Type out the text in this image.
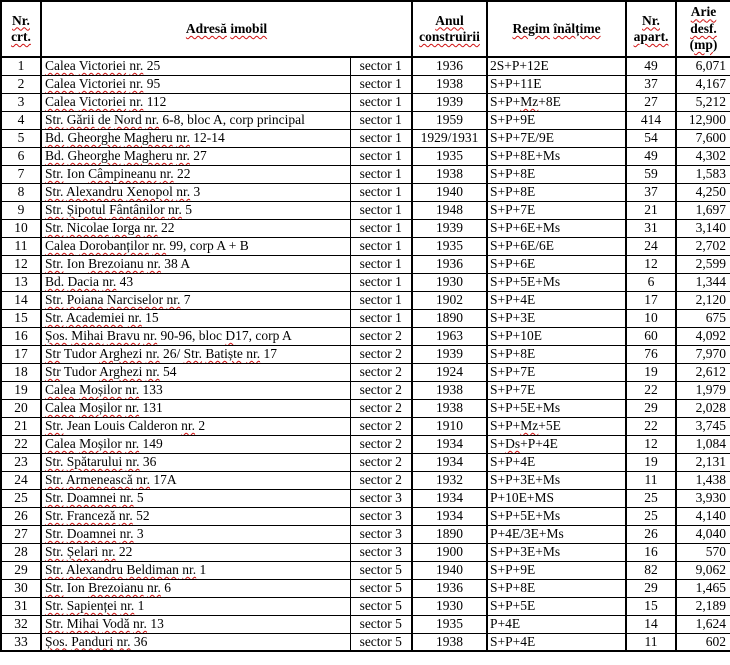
Nr. crt.	Adresă imobil		Anul construirii	Regim înălțime	Nr. apart.	Arie desf. (mp)
1	Calea Victoriei nr. 25	sector 1	1936	2S+P+12E	49	6,071
2	Calea Victoriei nr. 95	sector 1	1938	S+P+11E	37	4,167
3	Calea Victoriei nr. 112	sector 1	1939	S+P+Mz+8E	27	5,212
4	Str. Gării de Nord nr. 6-8, bloc A, corp principal	sector 1	1959	S+P+9E	414	12,900
5	Bd. Gheorghe Magheru nr. 12-14	sector 1	1929/1931	S+P+7E/9E	54	7,600
6	Bd. Gheorghe Magheru nr. 27	sector 1	1935	S+P+8E+Ms	49	4,302
7	Str. Ion Câmpineanu nr. 22	sector 1	1938	S+P+8E	59	1,583
8	Str. Alexandru Xenopol nr. 3	sector 1	1940	S+P+8E	37	4,250
9	Str. Șipotul Fântânilor nr. 5	sector 1	1948	S+P+7E	21	1,697
10	Str. Nicolae Iorga nr. 22	sector 1	1939	S+P+6E+Ms	31	3,140
11	Calea Dorobanților nr. 99, corp A + B	sector 1	1935	S+P+6E/6E	24	2,702
12	Str. Ion Brezoianu nr. 38 A	sector 1	1936	S+P+6E	12	2,599
13	Bd. Dacia nr. 43	sector 1	1930	S+P+5E+Ms	6	1,344
14	Str. Poiana Narciselor nr. 7	sector 1	1902	S+P+4E	17	2,120
15	Str. Academiei nr. 15	sector 1	1890	S+P+3E	10	675
16	Șos. Mihai Bravu nr. 90-96, bloc D17, corp A	sector 2	1963	S+P+10E	60	4,092
17	Str Tudor Arghezi nr. 26/ Str. Batiște nr. 17	sector 2	1939	S+P+8E	76	7,970
18	Str Tudor Arghezi nr. 54	sector 2	1924	S+P+7E	19	2,612
19	Calea Moșilor nr. 133	sector 2	1938	S+P+7E	22	1,979
20	Calea Moșilor nr. 131	sector 2	1938	S+P+5E+Ms	29	2,028
21	Str. Jean Louis Calderon nr. 2	sector 2	1910	S+P+Mz+5E	22	3,745
22	Calea Moșilor nr. 149	sector 2	1934	S+Ds+P+4E	12	1,084
23	Str. Spătarului nr. 36	sector 2	1934	S+P+4E	19	2,131
24	Str. Armenească nr. 17A	sector 2	1932	S+P+3E+Ms	11	1,438
25	Str. Doamnei nr. 5	sector 3	1934	P+10E+MS	25	3,930
26	Str. Franceză nr. 52	sector 3	1934	S+P+5E+Ms	25	4,140
27	Str. Doamnei nr. 3	sector 3	1890	P+4E/3E+Ms	26	4,040
28	Str. Șelari nr. 22	sector 3	1900	S+P+3E+Ms	16	570
29	Str. Alexandru Beldiman nr. 1	sector 5	1940	S+P+9E	82	9,062
30	Str. Ion Brezoianu nr. 6	sector 5	1936	S+P+8E	29	1,465
31	Str. Sapienței nr. 1	sector 5	1930	S+P+5E	15	2,189
32	Str. Mihai Vodă nr. 13	sector 5	1935	P+4E	14	1,624
33	Șos. Panduri nr. 36	sector 5	1938	S+P+4E	11	602
